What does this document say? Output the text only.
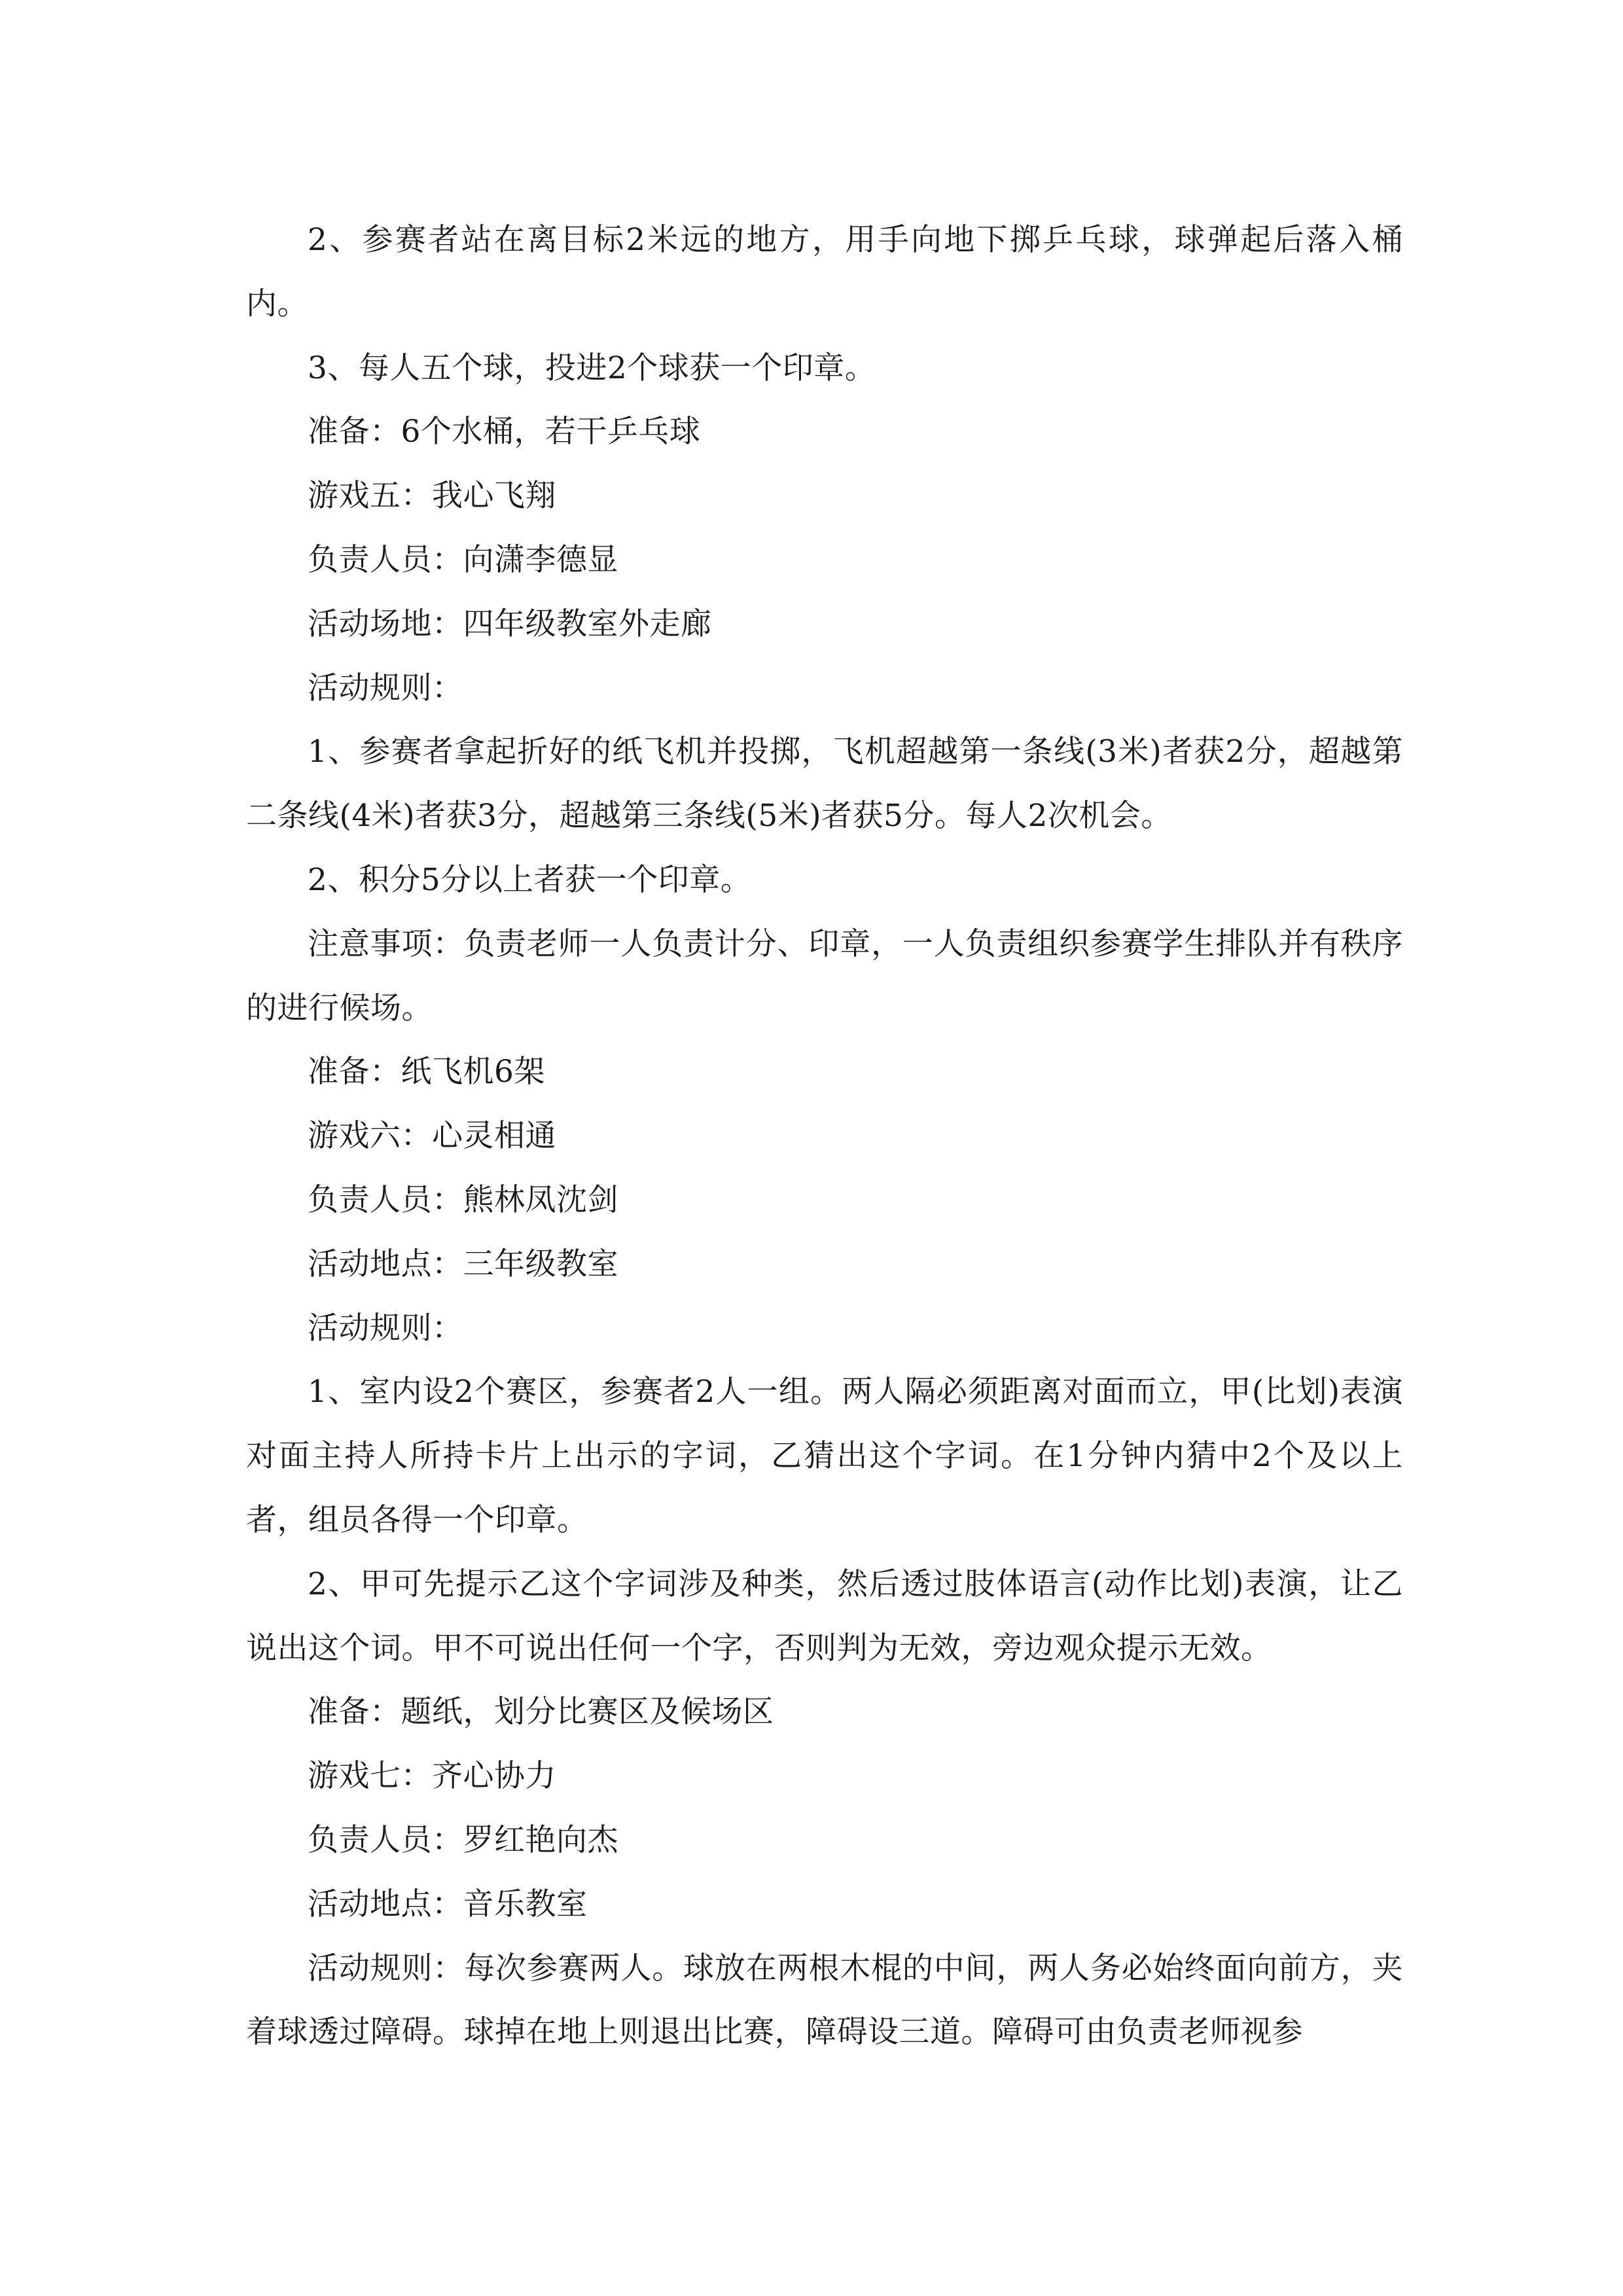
2、参赛者站在离目标2米远的地方，用手向地下掷乒乓球，球弹起后落入桶内。

3、每人五个球，投进2个球获一个印章。

准备：6个水桶，若干乒乓球

游戏五：我心飞翔

负责人员：向潇李德显

活动场地：四年级教室外走廊

活动规则：

1、参赛者拿起折好的纸飞机并投掷，飞机超越第一条线(3米)者获2分，超越第二条线(4米)者获3分，超越第三条线(5米)者获5分。每人2次机会。

2、积分5分以上者获一个印章。

注意事项：负责老师一人负责计分、印章，一人负责组织参赛学生排队并有秩序的进行候场。

准备：纸飞机6架

游戏六：心灵相通

负责人员：熊林凤沈剑

活动地点：三年级教室

活动规则：

1、室内设2个赛区，参赛者2人一组。两人隔必须距离对面而立，甲(比划)表演对面主持人所持卡片上出示的字词，乙猜出这个字词。在1分钟内猜中2个及以上者，组员各得一个印章。

2、甲可先提示乙这个字词涉及种类，然后透过肢体语言(动作比划)表演，让乙说出这个词。甲不可说出任何一个字，否则判为无效，旁边观众提示无效。

准备：题纸，划分比赛区及候场区

游戏七：齐心协力

负责人员：罗红艳向杰

活动地点：音乐教室

活动规则：每次参赛两人。球放在两根木棍的中间，两人务必始终面向前方，夹着球透过障碍。球掉在地上则退出比赛，障碍设三道。障碍可由负责老师视参
